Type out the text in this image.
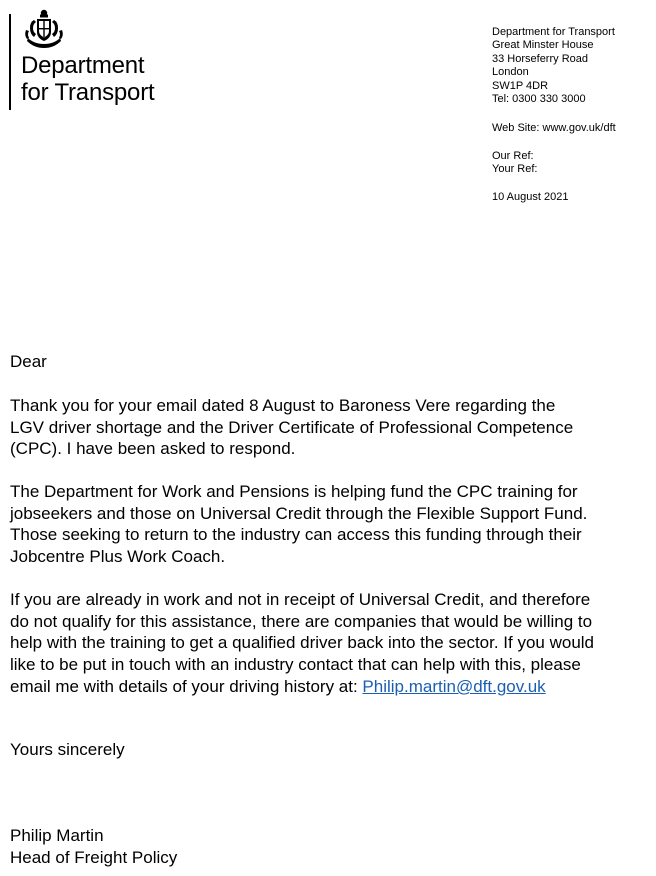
Department
for Transport
Department for Transport
Great Minster House
33 Horseferry Road
London
SW1P 4DR
Tel: 0300 330 3000
Web Site: www.gov.uk/dft
Our Ref:
Your Ref:
10 August 2021
Dear
Thank you for your email dated 8 August to Baroness Vere regarding the
LGV driver shortage and the Driver Certificate of Professional Competence
(CPC). I have been asked to respond.
The Department for Work and Pensions is helping fund the CPC training for
jobseekers and those on Universal Credit through the Flexible Support Fund.
Those seeking to return to the industry can access this funding through their
Jobcentre Plus Work Coach.
If you are already in work and not in receipt of Universal Credit, and therefore
do not qualify for this assistance, there are companies that would be willing to
help with the training to get a qualified driver back into the sector. If you would
like to be put in touch with an industry contact that can help with this, please
email me with details of your driving history at: Philip.martin@dft.gov.uk
Yours sincerely
Philip Martin
Head of Freight Policy
